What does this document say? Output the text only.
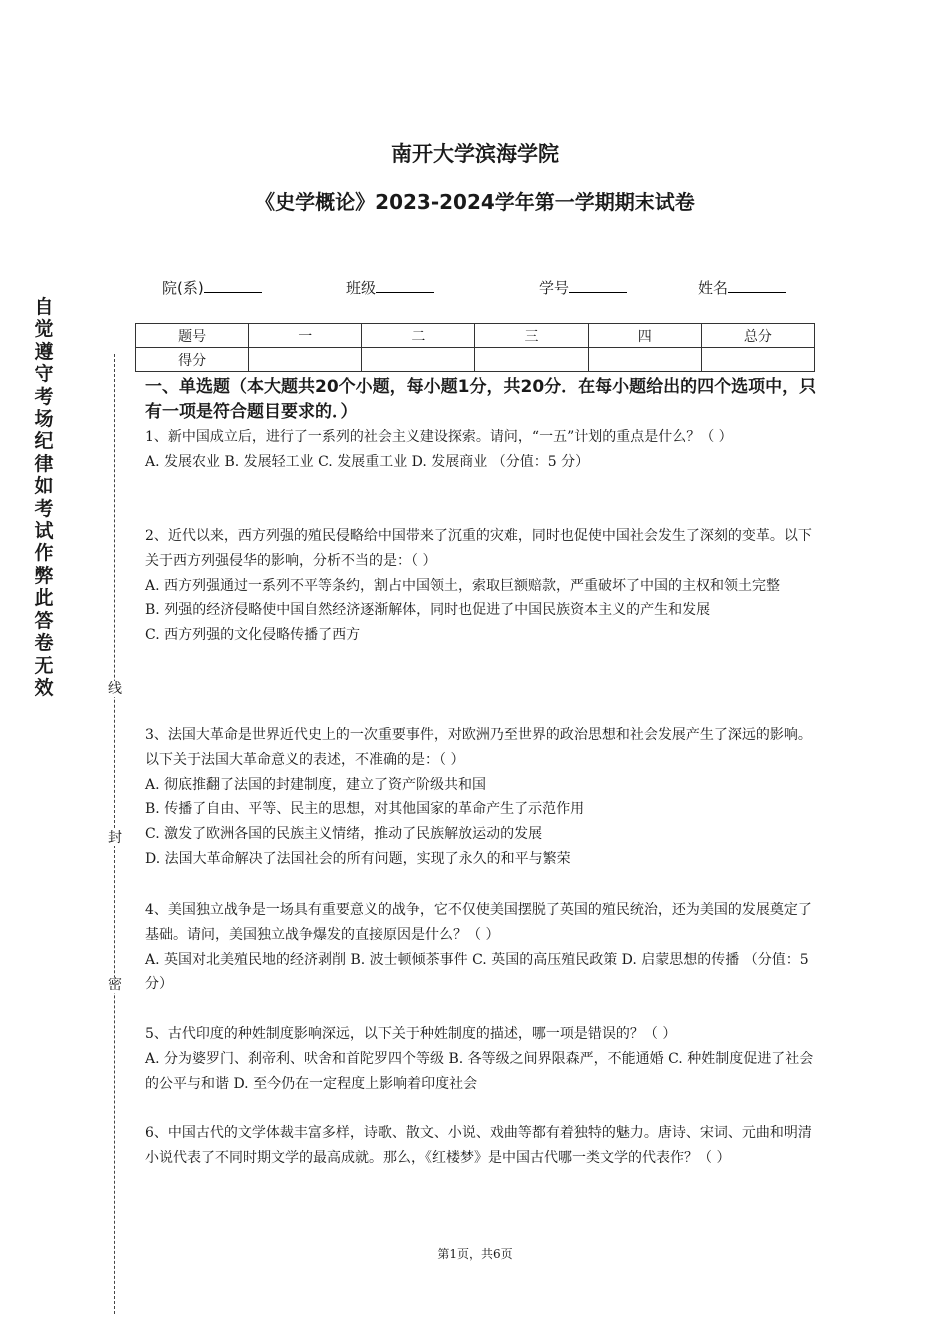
南开大学滨海学院
《史学概论》2023-2024学年第一学期期末试卷
院(系)	班级	学号	姓名
题号	一	二	三	四	总分
得分					
自觉遵守考场纪律如考试作弊此答卷无效	线
封
密
一、单选题（本大题共20个小题，每小题1分，共20分．在每小题给出的四个选项中，只有一项是符合题目要求的．）

1、新中国成立后，进行了一系列的社会主义建设探索。请问，“一五”计划的重点是什么？（ ）

A. 发展农业 B. 发展轻工业 C. 发展重工业 D. 发展商业 （分值：5 分）

2、近代以来，西方列强的殖民侵略给中国带来了沉重的灾难，同时也促使中国社会发生了深刻的变革。以下关于西方列强侵华的影响，分析不当的是：（ ）

A. 西方列强通过一系列不平等条约，割占中国领土，索取巨额赔款，严重破坏了中国的主权和领土完整

B. 列强的经济侵略使中国自然经济逐渐解体，同时也促进了中国民族资本主义的产生和发展

C. 西方列强的文化侵略传播了西方

3、法国大革命是世界近代史上的一次重要事件，对欧洲乃至世界的政治思想和社会发展产生了深远的影响。以下关于法国大革命意义的表述，不准确的是：（ ）

A. 彻底推翻了法国的封建制度，建立了资产阶级共和国

B. 传播了自由、平等、民主的思想，对其他国家的革命产生了示范作用

C. 激发了欧洲各国的民族主义情绪，推动了民族解放运动的发展

D. 法国大革命解决了法国社会的所有问题，实现了永久的和平与繁荣

4、美国独立战争是一场具有重要意义的战争，它不仅使美国摆脱了英国的殖民统治，还为美国的发展奠定了基础。请问，美国独立战争爆发的直接原因是什么？（ ）

A. 英国对北美殖民地的经济剥削 B. 波士顿倾茶事件 C. 英国的高压殖民政策 D. 启蒙思想的传播 （分值：5 分）

5、古代印度的种姓制度影响深远，以下关于种姓制度的描述，哪一项是错误的？（ ）

A. 分为婆罗门、刹帝利、吠舍和首陀罗四个等级 B. 各等级之间界限森严，不能通婚 C. 种姓制度促进了社会的公平与和谐 D. 至今仍在一定程度上影响着印度社会

6、中国古代的文学体裁丰富多样，诗歌、散文、小说、戏曲等都有着独特的魅力。唐诗、宋词、元曲和明清小说代表了不同时期文学的最高成就。那么，《红楼梦》是中国古代哪一类文学的代表作？（ ）

第1页，共6页
